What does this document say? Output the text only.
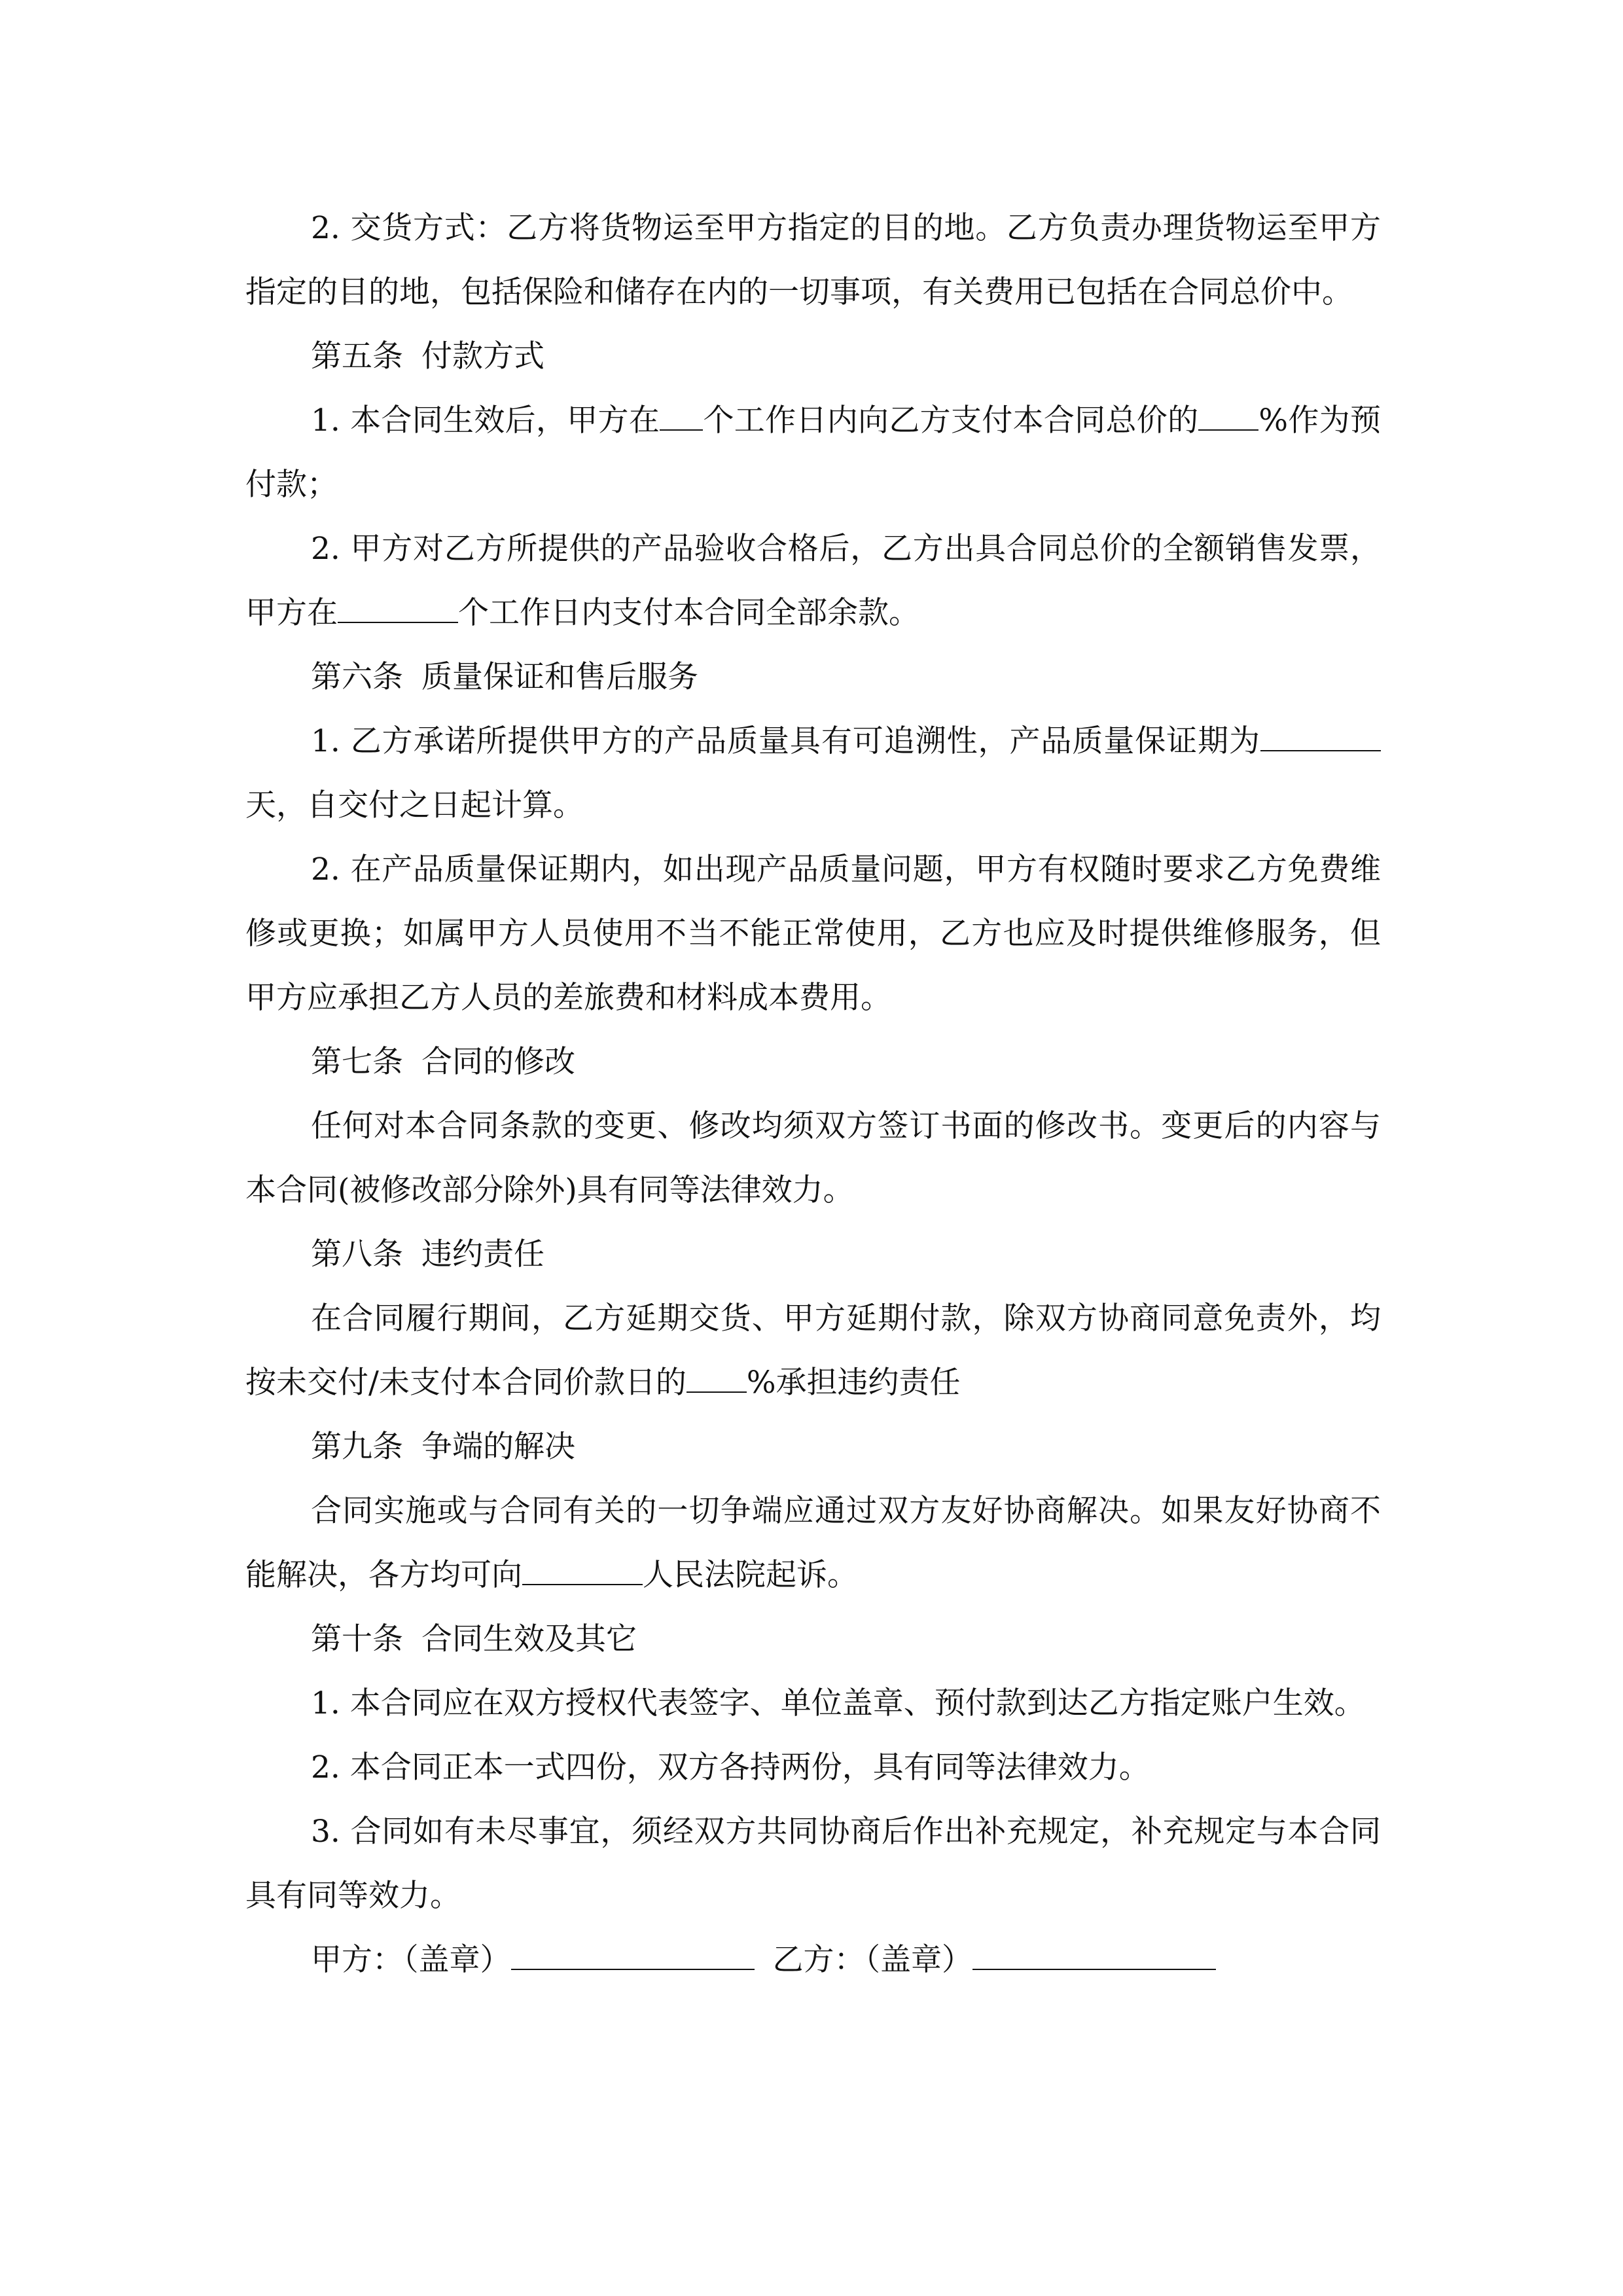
2. 交货方式：乙方将货物运至甲方指定的目的地。乙方负责办理货物运至甲方指定的目的地，包括保险和储存在内的一切事项，有关费用已包括在合同总价中。

第五条 付款方式

1. 本合同生效后，甲方在 个工作日内向乙方支付本合同总价的 %作为预付款；

2. 甲方对乙方所提供的产品验收合格后，乙方出具合同总价的全额销售发票，甲方在	个工作日内支付本合同全部余款。

第六条 质量保证和售后服务

1. 乙方承诺所提供甲方的产品质量具有可追溯性，产品质量保证期为天，自交付之日起计算。

2. 在产品质量保证期内，如出现产品质量问题，甲方有权随时要求乙方免费维修或更换；如属甲方人员使用不当不能正常使用，乙方也应及时提供维修服务，但甲方应承担乙方人员的差旅费和材料成本费用。

第七条 合同的修改

任何对本合同条款的变更、修改均须双方签订书面的修改书。变更后的内容与本合同(被修改部分除外)具有同等法律效力。

第八条 违约责任

在合同履行期间，乙方延期交货、甲方延期付款，除双方协商同意免责外，均按未交付/未支付本合同价款日的 %承担违约责任

第九条 争端的解决

合同实施或与合同有关的一切争端应通过双方友好协商解决。如果友好协商不能解决，各方均可向	人民法院起诉。

第十条 合同生效及其它

1. 本合同应在双方授权代表签字、单位盖章、预付款到达乙方指定账户生效。

2. 本合同正本一式四份，双方各持两份，具有同等法律效力。

3. 合同如有未尽事宜，须经双方共同协商后作出补充规定，补充规定与本合同具有同等效力。

甲方：（盖章）	乙方：（盖章）
